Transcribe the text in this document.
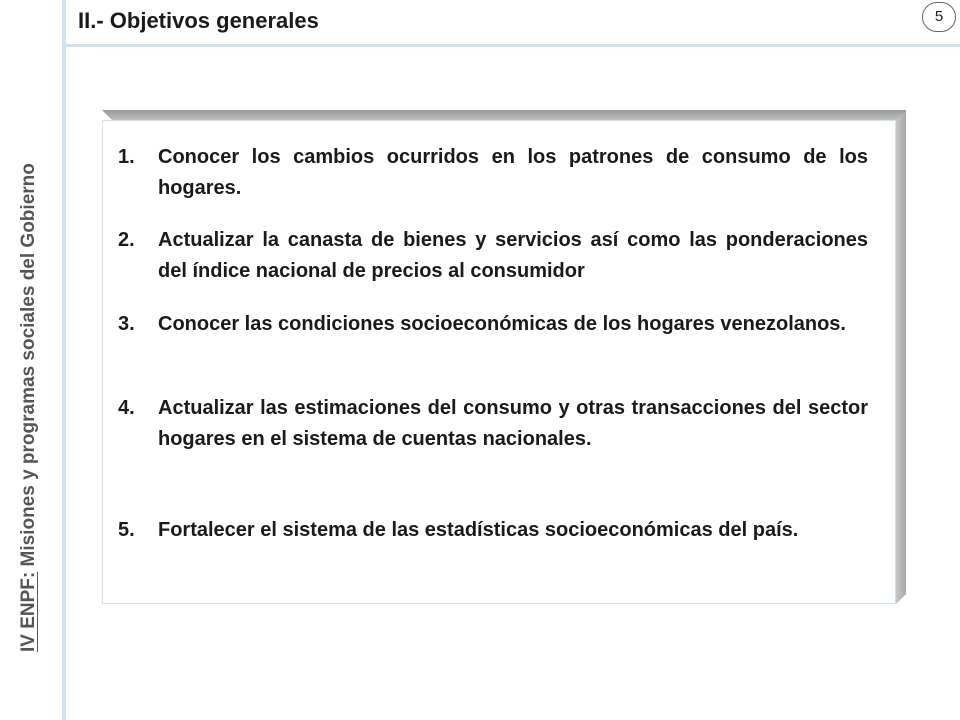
II.- Objetivos generales	5
IV ENPF: Misiones y programas sociales del Gobierno
1.	Conocer los cambios ocurridos en los patrones de consumo de los hogares.
2.	Actualizar la canasta de bienes y servicios así como las ponderaciones del índice nacional de precios al consumidor
3.	Conocer las condiciones socioeconómicas de los hogares venezolanos.
4.	Actualizar las estimaciones del consumo y otras transacciones del sector hogares en el sistema de cuentas nacionales.
5.	Fortalecer el sistema de las estadísticas socioeconómicas del país.
